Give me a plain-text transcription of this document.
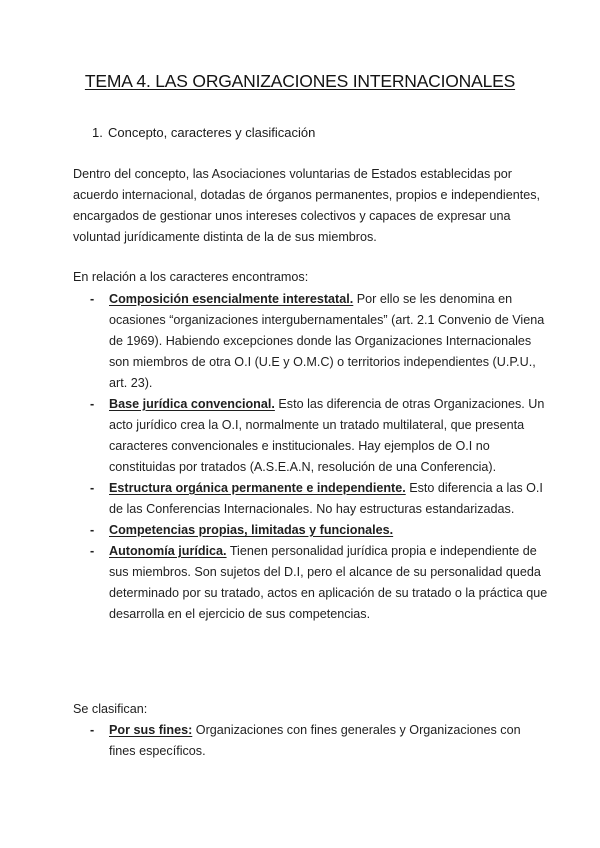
TEMA 4. LAS ORGANIZACIONES INTERNACIONALES
1. Concepto, caracteres y clasificación

Dentro del concepto, las Asociaciones voluntarias de Estados establecidas por acuerdo internacional, dotadas de órganos permanentes, propios e independientes, encargados de gestionar unos intereses colectivos y capaces de expresar una voluntad jurídicamente distinta de la de sus miembros.

En relación a los caracteres encontramos:

- Composición esencialmente interestatal. Por ello se les denomina en ocasiones “organizaciones intergubernamentales” (art. 2.1 Convenio de Viena de 1969). Habiendo excepciones donde las Organizaciones Internacionales son miembros de otra O.I (U.E y O.M.C) o territorios independientes (U.P.U., art. 23).
- Base jurídica convencional. Esto las diferencia de otras Organizaciones. Un acto jurídico crea la O.I, normalmente un tratado multilateral, que presenta caracteres convencionales e institucionales. Hay ejemplos de O.I no constituidas por tratados (A.S.E.A.N, resolución de una Conferencia).
- Estructura orgánica permanente e independiente. Esto diferencia a las O.I de las Conferencias Internacionales. No hay estructuras estandarizadas.
- Competencias propias, limitadas y funcionales.
- Autonomía jurídica. Tienen personalidad jurídica propia e independiente de sus miembros. Son sujetos del D.I, pero el alcance de su personalidad queda determinado por su tratado, actos en aplicación de su tratado o la práctica que desarrolla en el ejercicio de sus competencias.

Se clasifican:

- Por sus fines: Organizaciones con fines generales y Organizaciones con fines específicos.
